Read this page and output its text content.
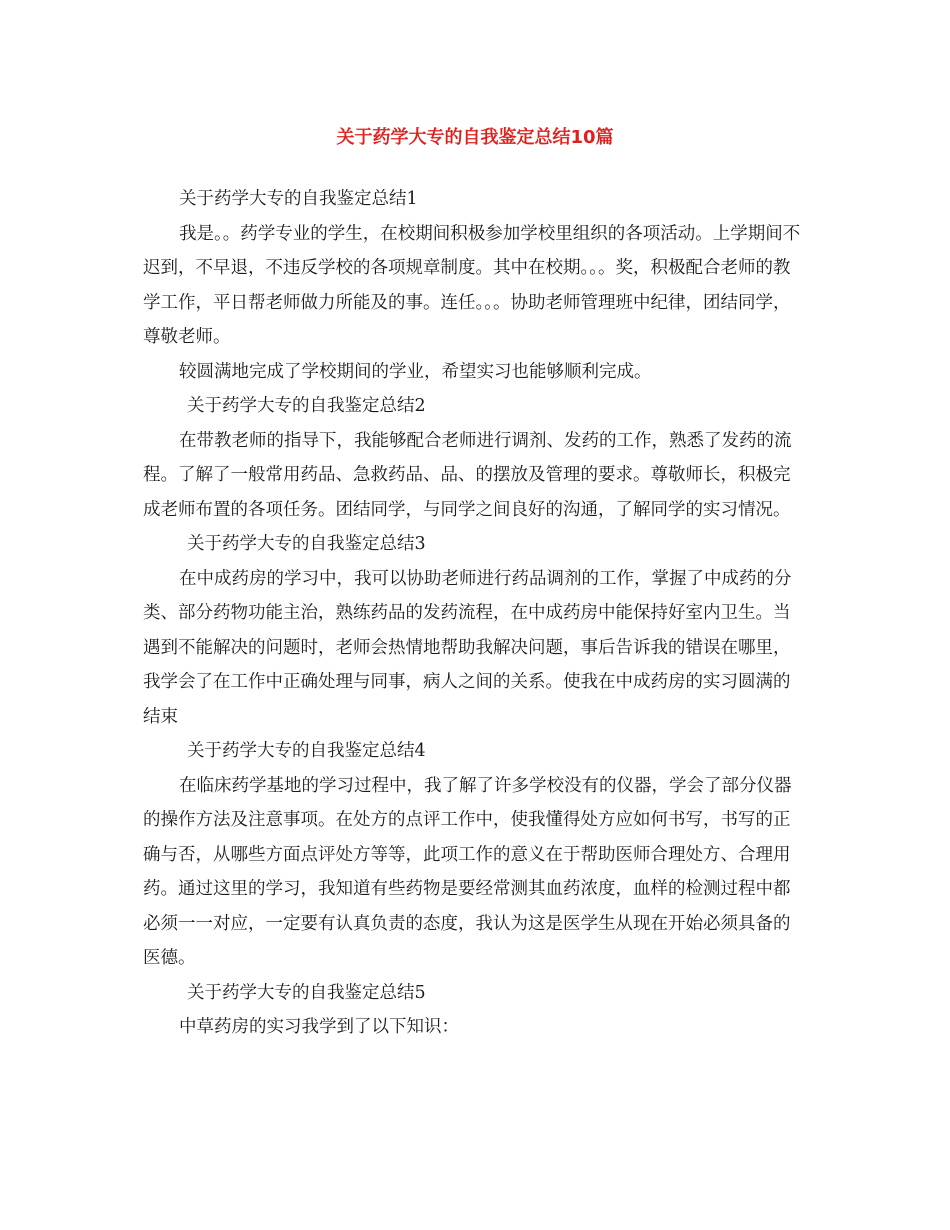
关于药学大专的自我鉴定总结10篇

关于药学大专的自我鉴定总结1

我是。。药学专业的学生，在校期间积极参加学校里组织的各项活动。上学期间不迟到，不早退，不违反学校的各项规章制度。其中在校期。。。奖，积极配合老师的教学工作，平日帮老师做力所能及的事。连任。。。协助老师管理班中纪律，团结同学，尊敬老师。

较圆满地完成了学校期间的学业，希望实习也能够顺利完成。

关于药学大专的自我鉴定总结2

在带教老师的指导下，我能够配合老师进行调剂、发药的工作，熟悉了发药的流程。了解了一般常用药品、急救药品、品、的摆放及管理的要求。尊敬师长，积极完成老师布置的各项任务。团结同学，与同学之间良好的沟通，了解同学的实习情况。

关于药学大专的自我鉴定总结3

在中成药房的学习中，我可以协助老师进行药品调剂的工作，掌握了中成药的分类、部分药物功能主治，熟练药品的发药流程，在中成药房中能保持好室内卫生。当遇到不能解决的问题时，老师会热情地帮助我解决问题，事后告诉我的错误在哪里，我学会了在工作中正确处理与同事，病人之间的关系。使我在中成药房的实习圆满的结束

关于药学大专的自我鉴定总结4

在临床药学基地的学习过程中，我了解了许多学校没有的仪器，学会了部分仪器的操作方法及注意事项。在处方的点评工作中，使我懂得处方应如何书写，书写的正确与否，从哪些方面点评处方等等，此项工作的意义在于帮助医师合理处方、合理用药。通过这里的学习，我知道有些药物是要经常测其血药浓度，血样的检测过程中都必须一一对应，一定要有认真负责的态度，我认为这是医学生从现在开始必须具备的医德。

关于药学大专的自我鉴定总结5

中草药房的实习我学到了以下知识：
